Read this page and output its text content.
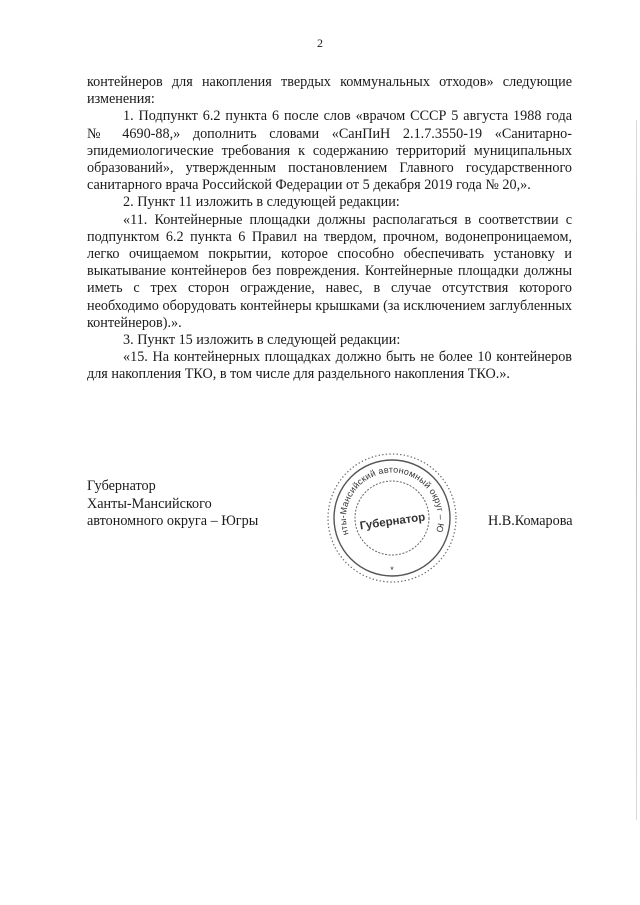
2

контейнеров для накопления твердых коммунальных отходов» следующие изменения:

1. Подпункт 6.2 пункта 6 после слов «врачом СССР 5 августа 1988 года № 4690-88,» дополнить словами «СанПиН 2.1.7.3550-19 «Санитарно-эпидемиологические требования к содержанию территорий муниципальных образований», утвержденным постановлением Главного государственного санитарного врача Российской Федерации от 5 декабря 2019 года № 20,».

2. Пункт 11 изложить в следующей редакции:

«11. Контейнерные площадки должны располагаться в соответствии с подпунктом 6.2 пункта 6 Правил на твердом, прочном, водонепроницаемом, легко очищаемом покрытии, которое способно обеспечивать установку и выкатывание контейнеров без повреждения. Контейнерные площадки должны иметь с трех сторон ограждение, навес, в случае отсутствия которого необходимо оборудовать контейнеры крышками (за исключением заглубленных контейнеров).».

3. Пункт 15 изложить в следующей редакции:

«15. На контейнерных площадках должно быть не более 10 контейнеров для накопления ТКО, в том числе для раздельного накопления ТКО.».

Губернатор
Ханты-Мансийского
автономного округа – Югры
нты-Мансийский автономный округ – Ю
Губернатор
*
Н.В.Комарова
